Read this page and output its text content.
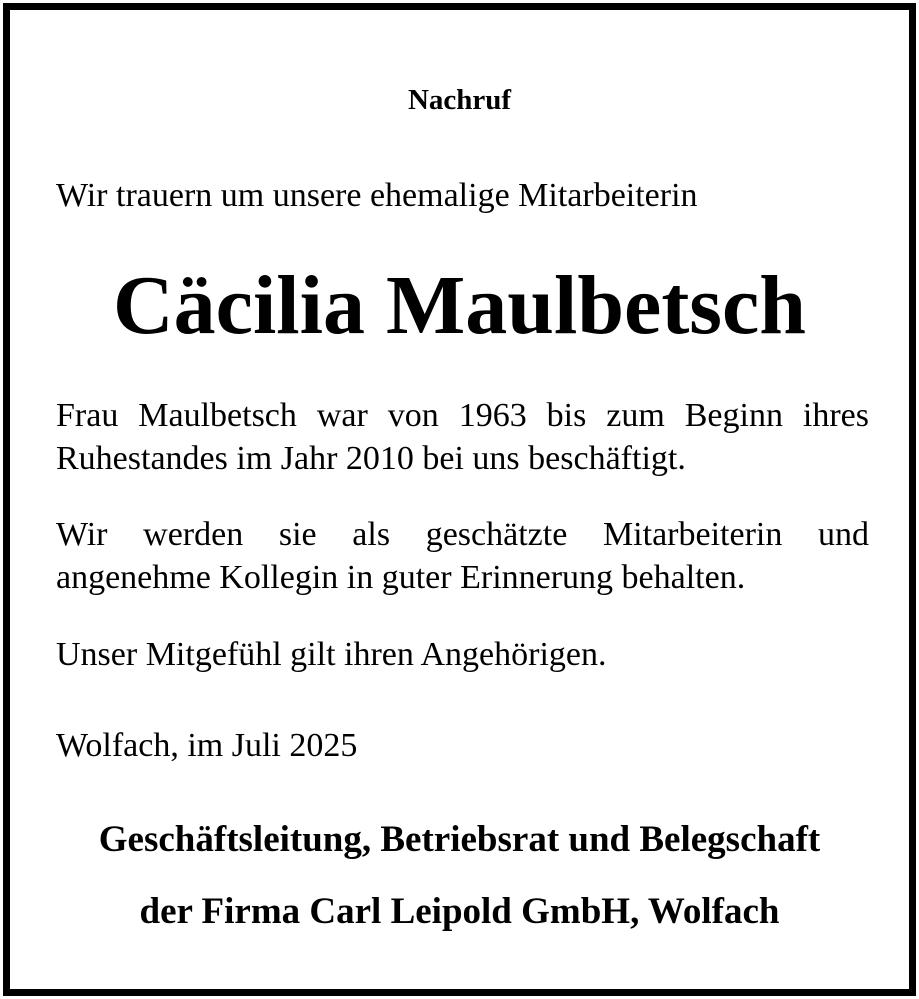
Nachruf

Wir trauern um unsere ehemalige Mitarbeiterin

Cäcilia Maulbetsch

Frau Maulbetsch war von 1963 bis zum Beginn ihres Ruhestandes im Jahr 2010 bei uns beschäftigt.

Wir werden sie als geschätzte Mitarbeiterin und angenehme Kollegin in guter Erinnerung behalten.

Unser Mitgefühl gilt ihren Angehörigen.

Wolfach, im Juli 2025

Geschäftsleitung, Betriebsrat und Belegschaft

der Firma Carl Leipold GmbH, Wolfach
